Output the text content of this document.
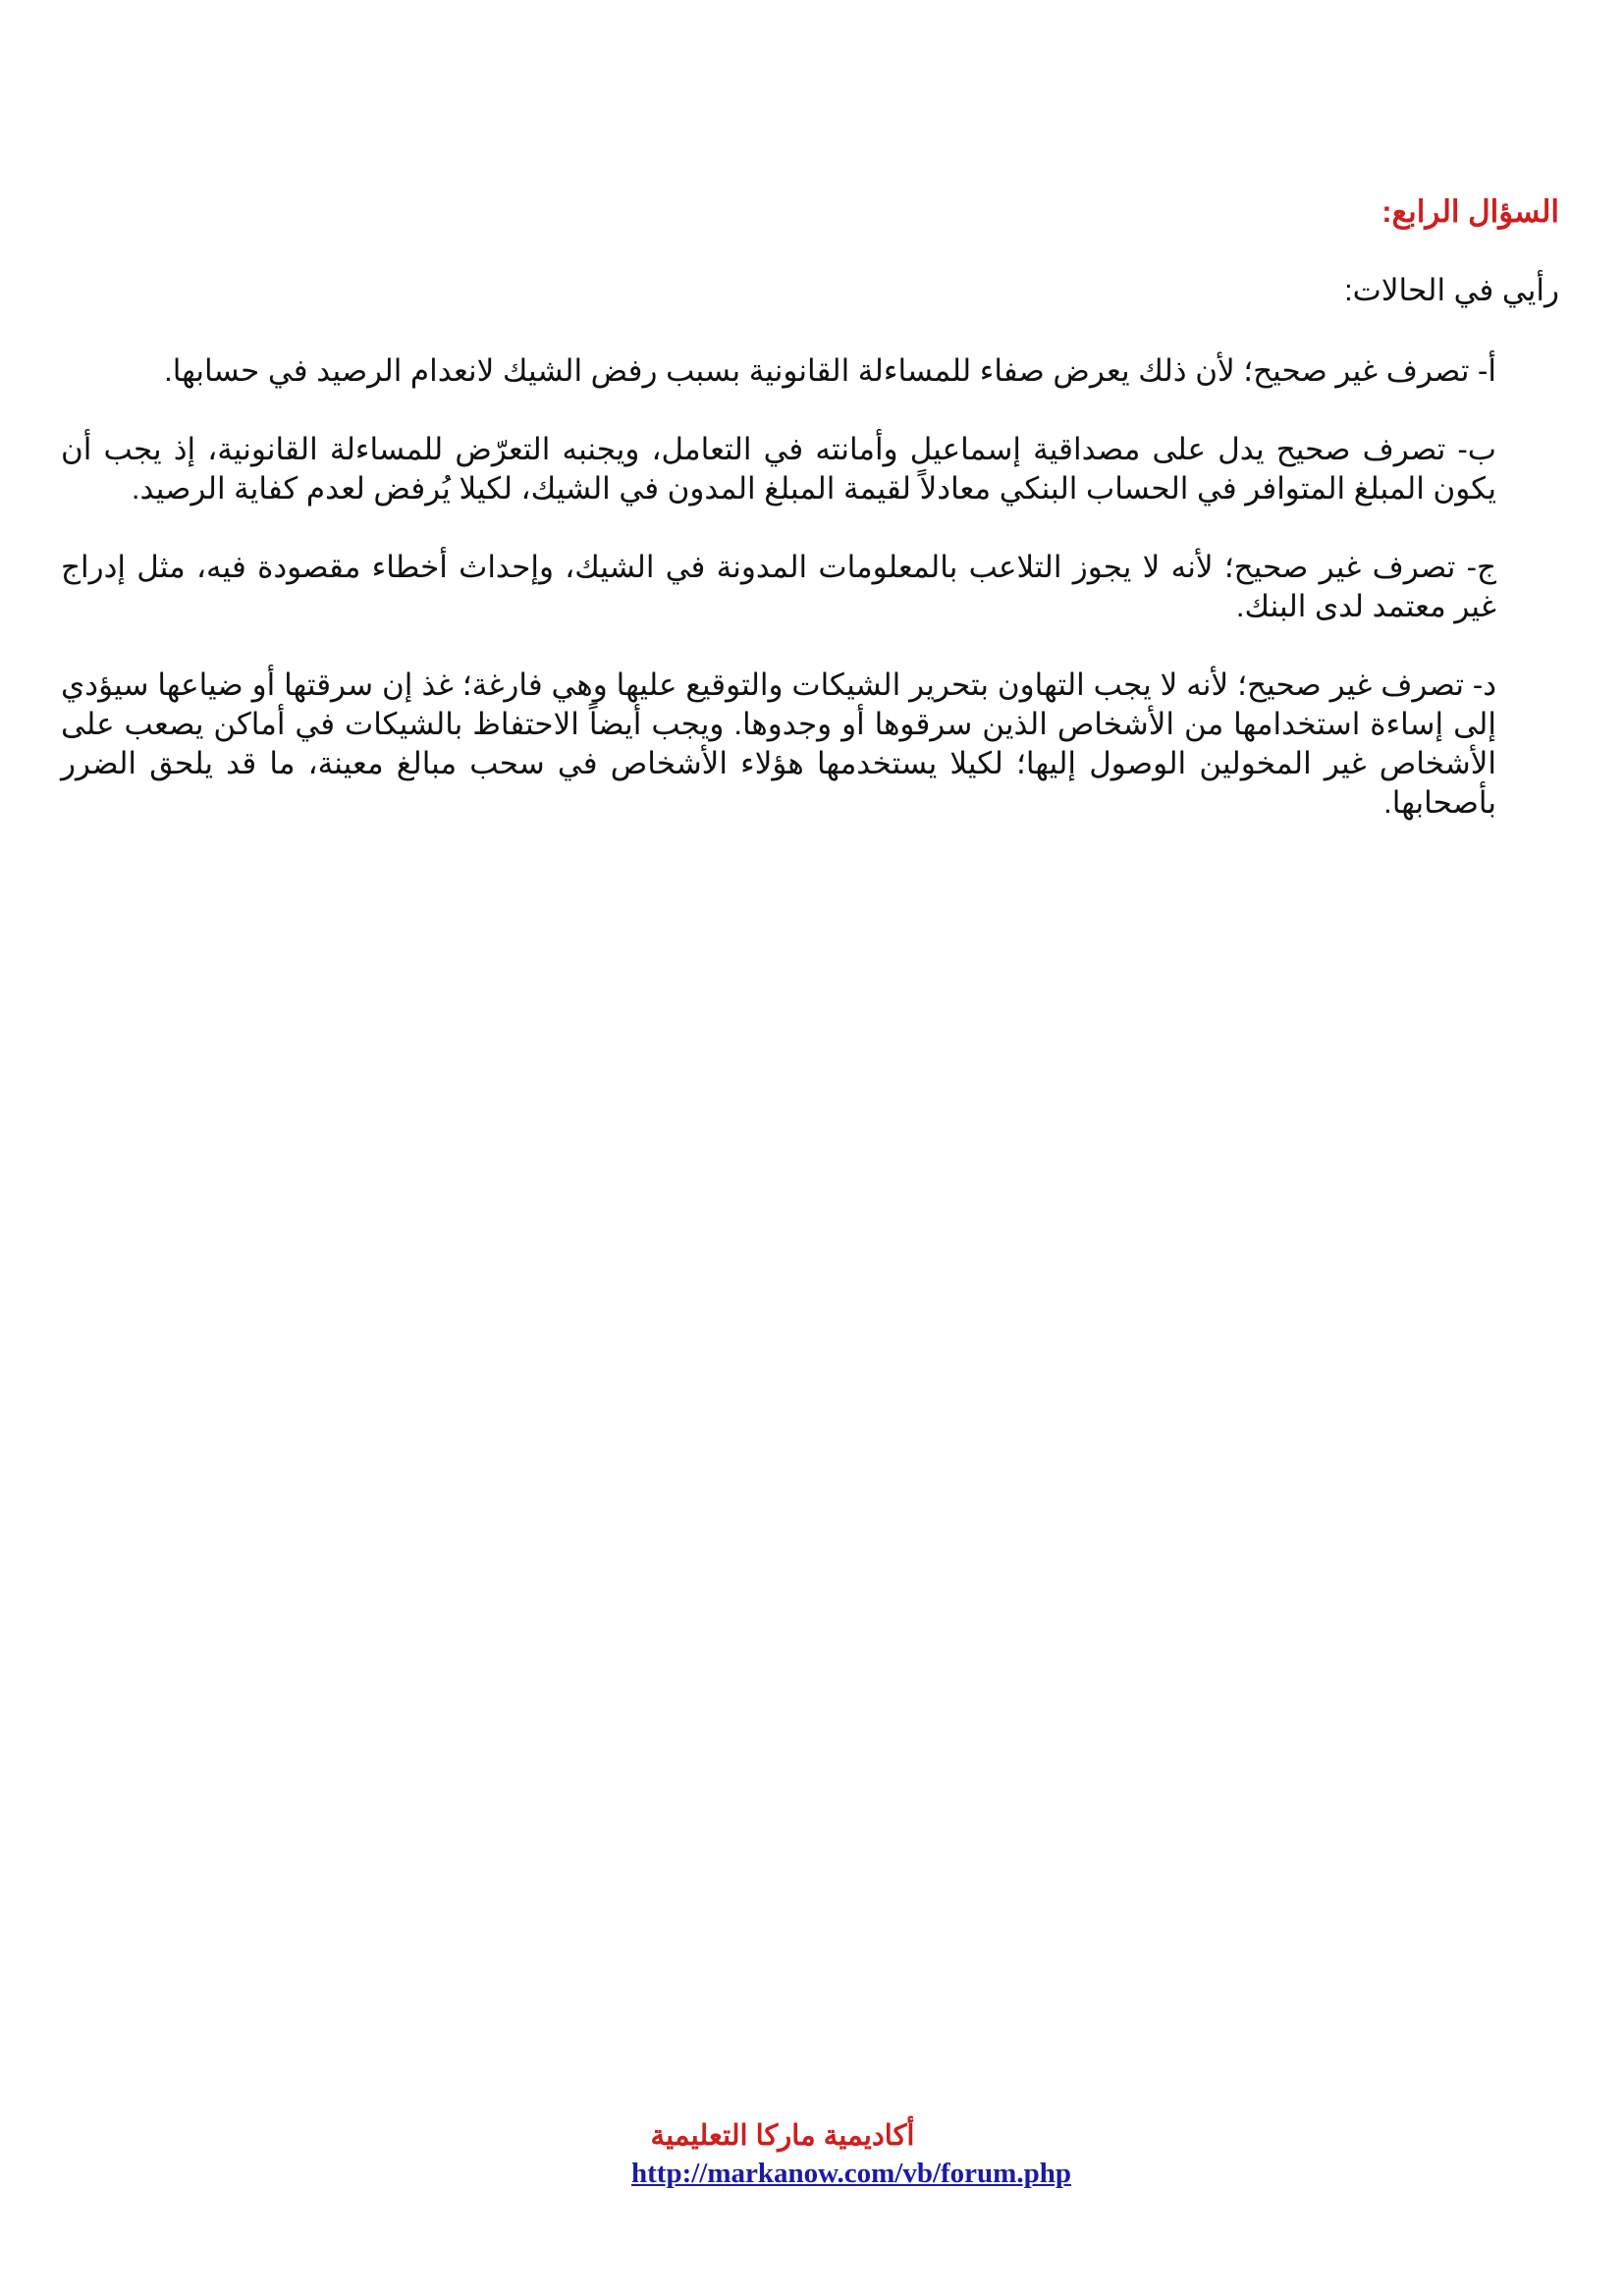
السؤال الرابع:
رأيي في الحالات:

أ- تصرف غير صحيح؛ لأن ذلك يعرض صفاء للمساءلة القانونية بسبب رفض الشيك لانعدام الرصيد في حسابها.

ب- تصرف صحيح يدل على مصداقية إسماعيل وأمانته في التعامل، ويجنبه التعرّض للمساءلة القانونية، إذ يجب أن يكون المبلغ المتوافر في الحساب البنكي معادلاً لقيمة المبلغ المدون في الشيك، لكيلا يُرفض لعدم كفاية الرصيد.

ج- تصرف غير صحيح؛ لأنه لا يجوز التلاعب بالمعلومات المدونة في الشيك، وإحداث أخطاء مقصودة فيه، مثل إدراج غير معتمد لدى البنك.

د- تصرف غير صحيح؛ لأنه لا يجب التهاون بتحرير الشيكات والتوقيع عليها وهي فارغة؛ غذ إن سرقتها أو ضياعها سيؤدي إلى إساءة استخدامها من الأشخاص الذين سرقوها أو وجدوها. ويجب أيضاً الاحتفاظ بالشيكات في أماكن يصعب على الأشخاص غير المخولين الوصول إليها؛ لكيلا يستخدمها هؤلاء الأشخاص في سحب مبالغ معينة، ما قد يلحق الضرر بأصحابها.

أكاديمية ماركا التعليمية
http://markanow.com/vb/forum.php
